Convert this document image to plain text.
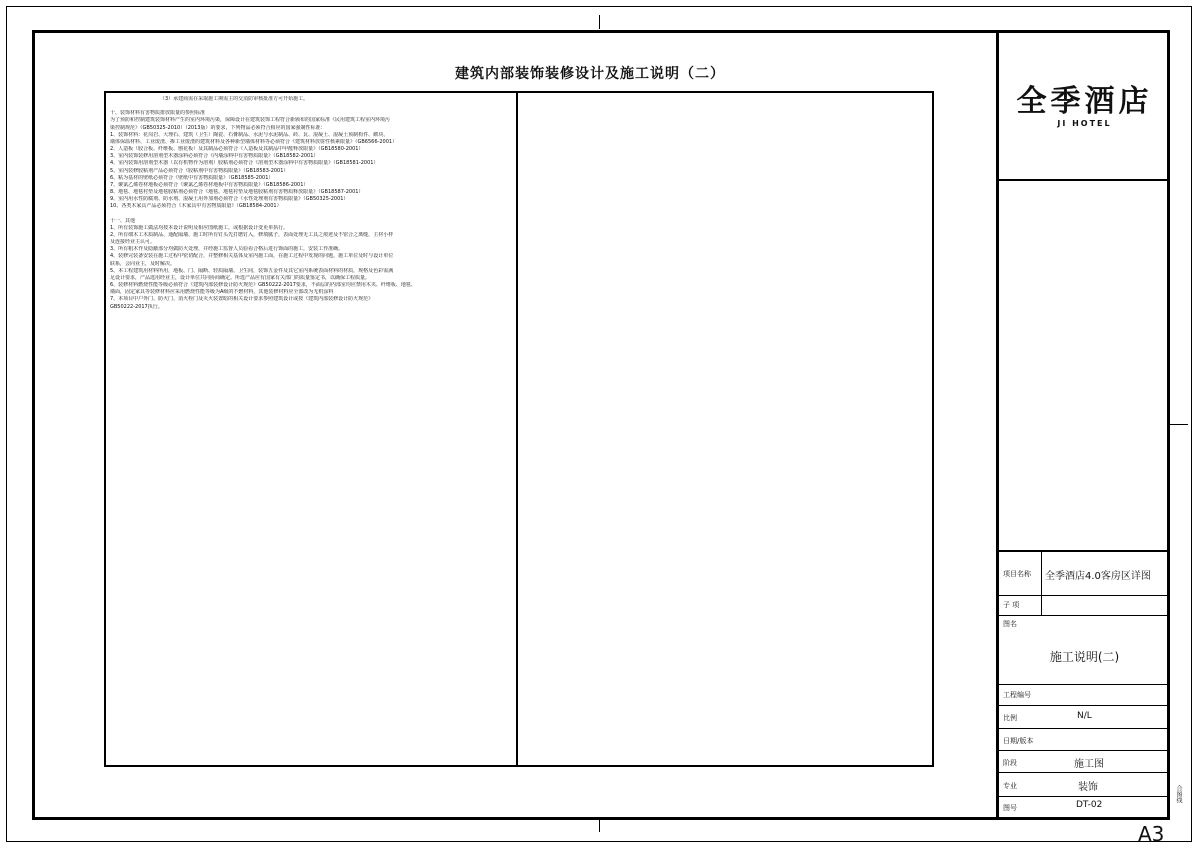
建筑内部装饰装修设计及施工说明（二）
（3）承建商需在采取施工期需主的交消防审核批准方可开始施工。

十、装饰材料有害物质排放限量的参照标准
为了预防和控制建筑装饰材料产生的室内环境污染，保障设计在建筑装饰工程符合新颁布的国家标准《民用建筑工程室内环境污
染控制规范》（GB50325-2010）（2013版）的要求，下列物品必须符合相应的国家强制性标准：
1、装饰材料：花岗岩、大理石、建筑（卫生）陶瓷、石膏制品、水泥与水泥制品、砖、瓦、混凝土、混凝土预制构件、砌块、
墙体保温材料、工业废渣、掺工业废渣的建筑材料及各种新型墙体材料等必须符合《建筑材料放射性核素限量》（GB6566-2001）
2、人造板（胶合板、纤维板、刨花板）及其制品必须符合《人造板及其制品中甲醛释放限量》（GB18580-2001）
3、室内装饰装修用溶剂型木器涂料必须符合《内墙涂料中有害物质限量》（GB18582-2001）
4、室内装饰用溶剂型木器（以有机物作为溶剂）胶粘剂必须符合《溶剂型木器涂料中有害物质限量》（GB18581-2001）
5、室内装修胶粘剂产品必须符合《胶粘剂中有害物质限量》（GB18583-2001）
6、粘为基材的壁纸必须符合《壁纸中有害物质限量》（GB18585-2001）
7、聚氯乙烯卷材地板必须符合《聚氯乙烯卷材地板中有害物质限量》（GB18586-2001）
8、地毯、地毯衬垫及地毯胶粘剂必须符合《地毯、地毯衬垫及地毯胶粘剂有害物质释放限量》（GB18587-2001）
9、室内用水性防腐剂、防水剂、混凝土用外加剂必须符合《水性处理剂有害物质限量》（GB50325-2001）
10、各类木家具产品必须符合《木家具中有害物质限量》（GB18584-2001）

十一、其他
1、所有装饰施工做法均按本设计说明及相应图纸施工，或根据设计变更单执行。
2、所有细木工木质制品、通配隔墙、施工时所有钉头先打磨钉入，修填腻子，表面处理无工具之痕迹及不密合之离缝，主材小样
及连接经业主认可。
3、所有粗木作及隐蔽部分均做防火处理，并经施工监督人员验看合格后进行饰面的施工，安装工作准确。
4、装修完装备安装在施工过程中密切配合，并整修相关基体及室内施工面，在施工过程中发现的问题，施工单位及时与设计单位
联系，会同业主，及时解决。
5、本工程建筑用材料所用，地板、门、隔断、轻质隔墙、卫生间，装饰五金件及其它室内系统表面材料的材质，规格及色彩需满
足设计要求，产品选用经业主，设计单位共同协商确定。所选产品应有国家有关部门的质量鉴定书，以确保工程质量。
6、装修材料燃烧性能等级必须符合《建筑内部装修设计防火规范》GB50222-2017要求，不面层的内部室均应禁用木夹、纤维板、地毯、
墙面，固定家具等装修材料应采用燃烧性能等级为A级的不燃材料，其他装修材料应全部改为无机涂料
7、本项目中户外门、防火门、消火栓门及灭火装置暗的相关设计要求参照建筑设计或按《建筑内部装修设计防火规范》
GB50222-2017执行。
全季酒店
JI HOTEL
项目名称 全季酒店4.0客房区详图
子 项
图名
施工说明(二)
工程编号
比例	N/L
日期/版本
阶段	施工图
专业	装饰
图号	DT-02
A3
合图线
